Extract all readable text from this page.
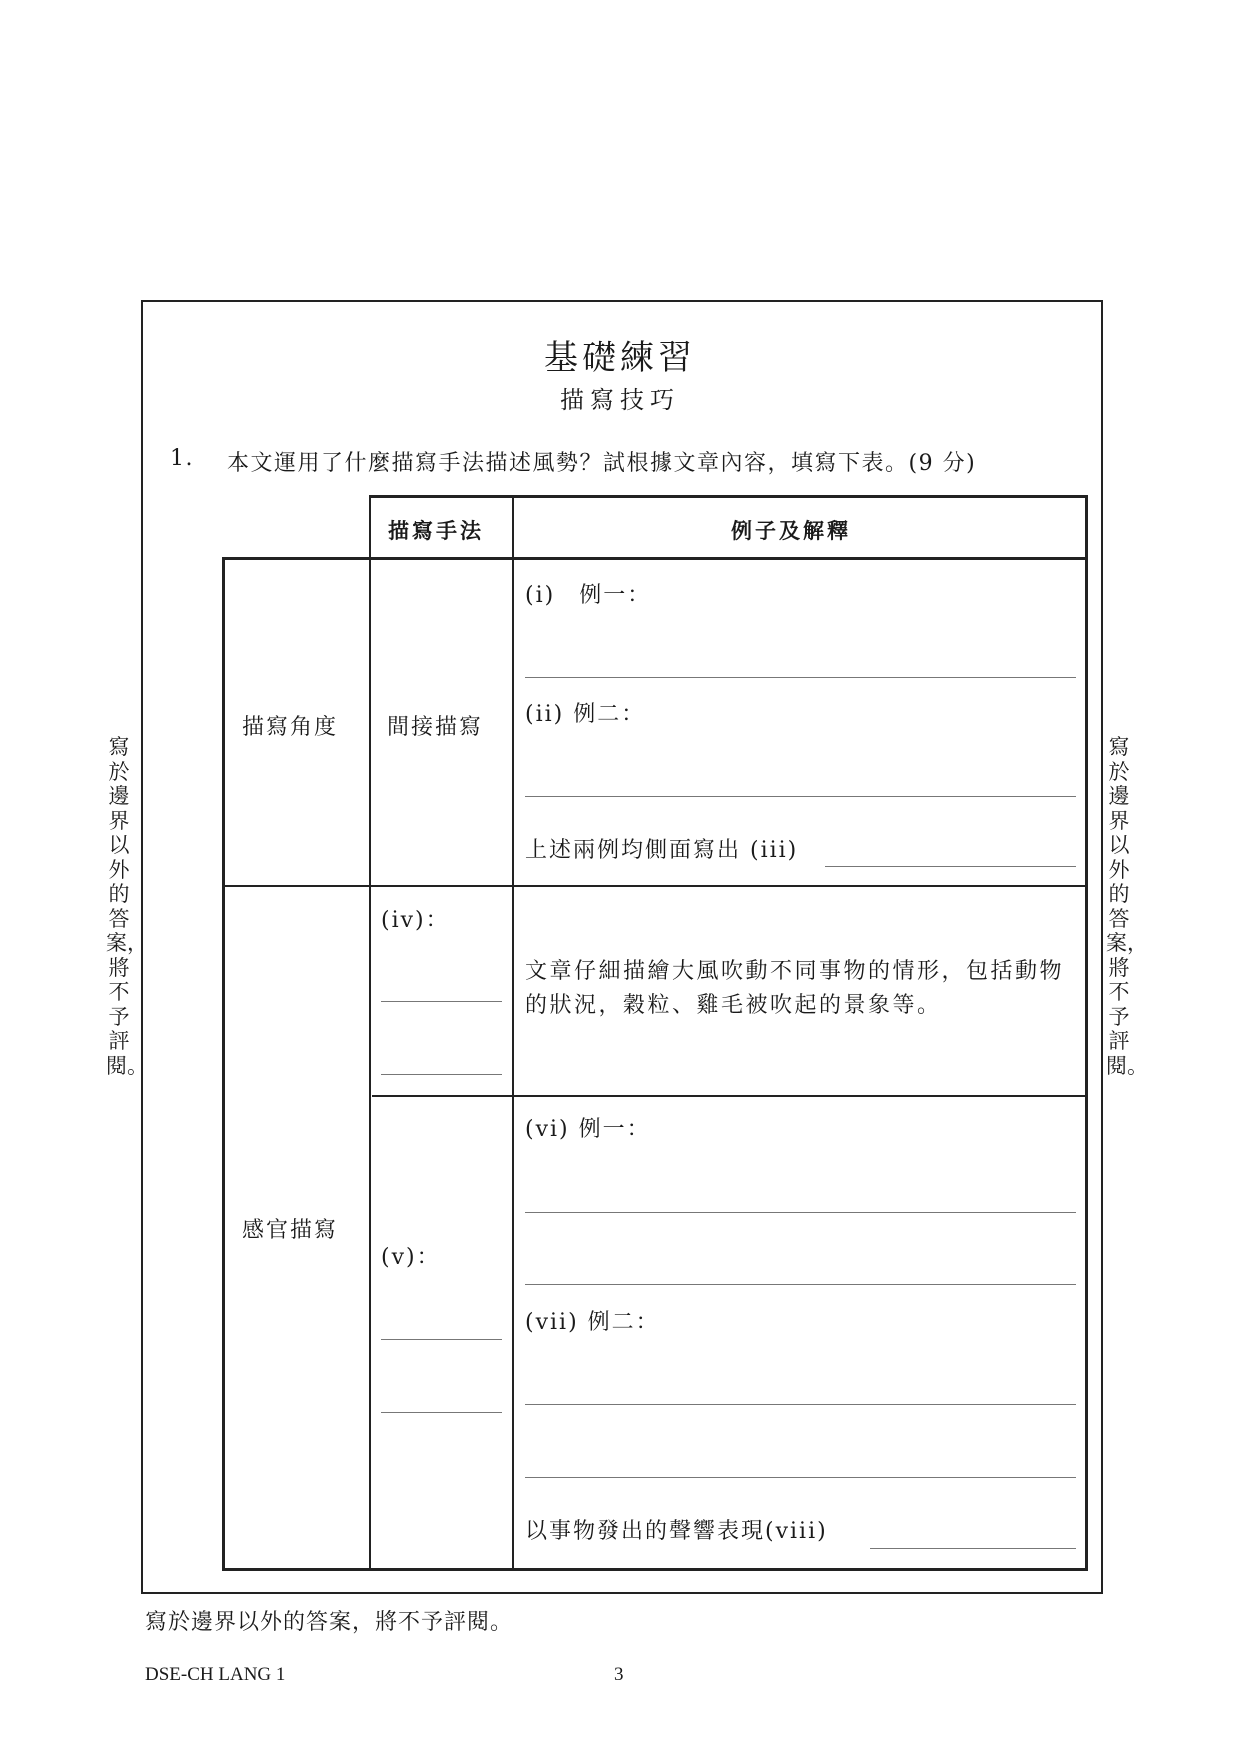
寫於邊界以外的答案，將不予評閱。
寫於邊界以外的答案，將不予評閱。
基礎練習
描寫技巧
1. 本文運用了什麼描寫手法描述風勢？試根據文章內容，填寫下表。(9 分)
描寫手法	例子及解釋
描寫角度 間接描寫
(i)　例一：
(ii) 例二：
上述兩例均側面寫出 (iii)
感官描寫
(iv)：
文章仔細描繪大風吹動不同事物的情形，包括動物的狀況，穀粒、雞毛被吹起的景象等。
(v)：
(vi) 例一：
(vii) 例二：
以事物發出的聲響表現(viii)
寫於邊界以外的答案，將不予評閱。
DSE-CH LANG 1	3
